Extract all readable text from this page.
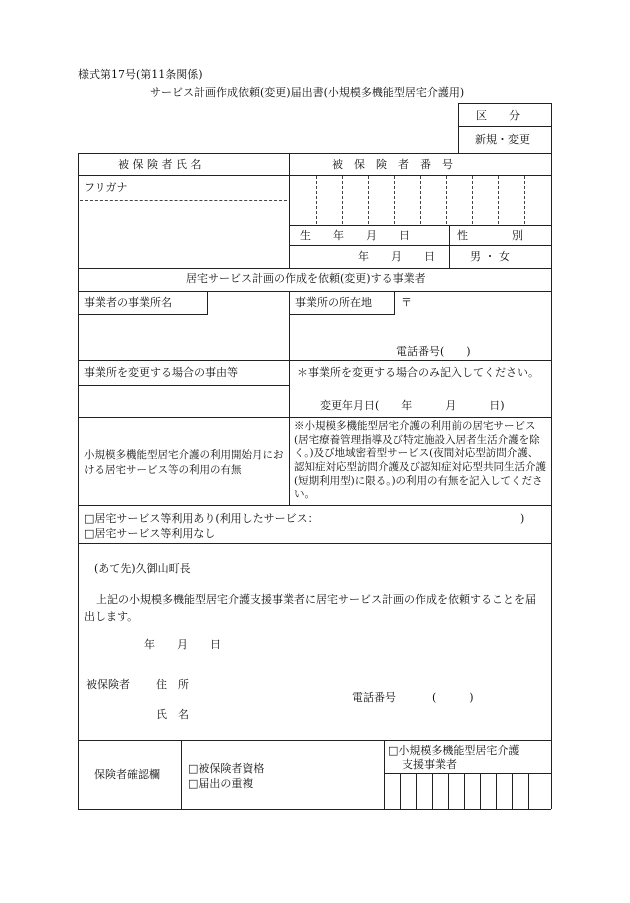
様式第17号(第11条関係)
サービス計画作成依頼(変更)届出書(小規模多機能型居宅介護用)
区　　分
新規・変更
被 保 険 者 氏 名	被　保　険　者　番　号
フリガナ
生　　年　　月　　日	性　　　　別
年　　月　　日	男 ・ 女
居宅サービス計画の作成を依頼(変更)する事業者
事業者の事業所名	事業所の所在地	〒
電話番号(　　)
事業所を変更する場合の事由等	＊事業所を変更する場合のみ記入してください。
変更年月日(　　年　　　月　　　日)
小規模多機能型居宅介護の利用開始月における居宅サービス等の利用の有無
※小規模多機能型居宅介護の利用前の居宅サービス(居宅療養管理指導及び特定施設入居者生活介護を除く。)及び地域密着型サービス(夜間対応型訪問介護、認知症対応型訪問介護及び認知症対応型共同生活介護(短期利用型)に限る。)の利用の有無を記入してください。
□居宅サービス等利用あり(利用したサービス：	)
□居宅サービス等利用なし
(あて先)久御山町長
上記の小規模多機能型居宅介護支援事業者に居宅サービス計画の作成を依頼することを届出します。
年　　月　　日
被保険者 住　所
電話番号	(　　　)
氏　名
保険者確認欄	□被保険者資格
□届出の重複
□小規模多機能型居宅介護
支援事業者
